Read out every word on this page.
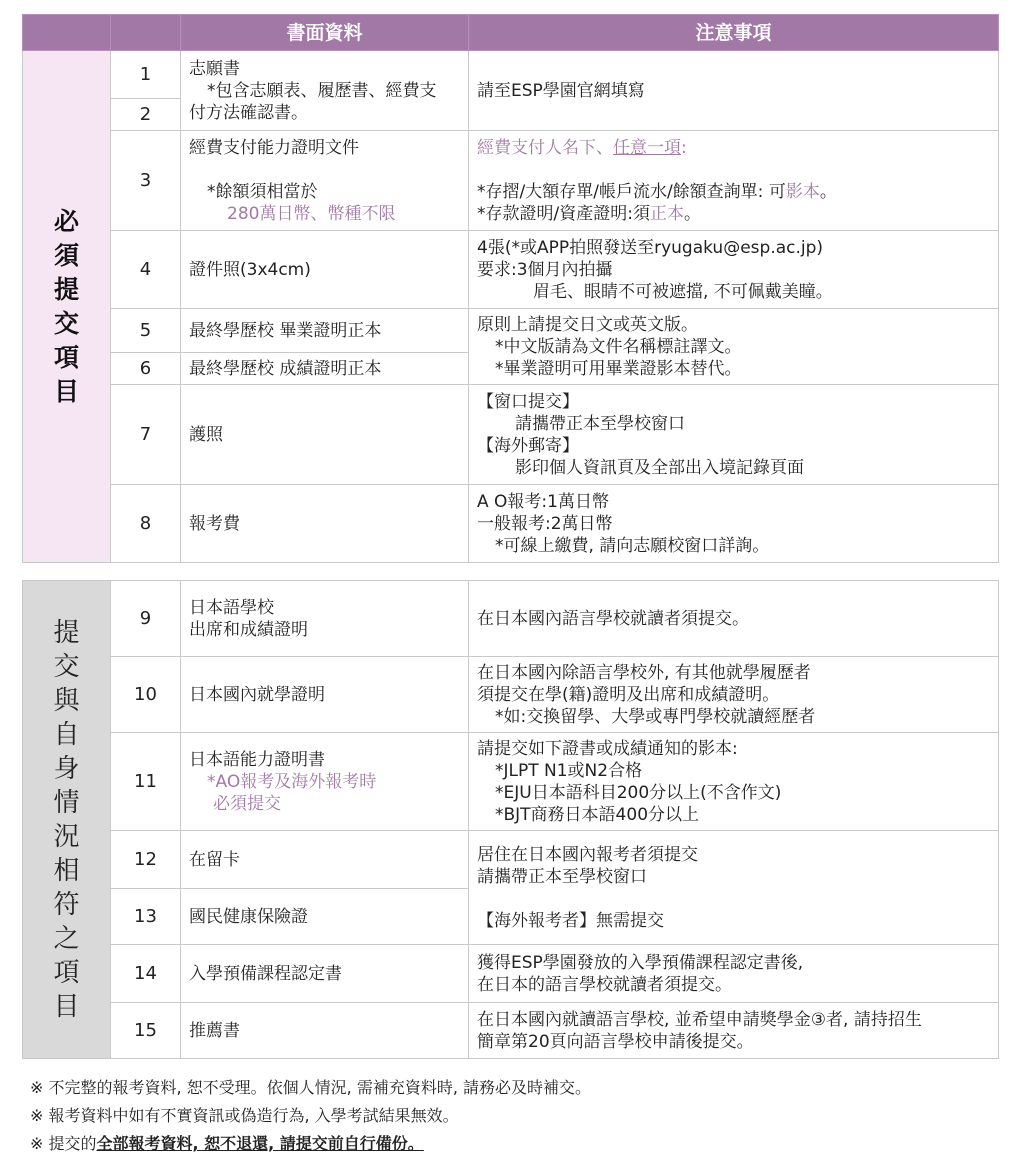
		書面資料	注意事項
必須提交項目	1	志願書
*包含志願表、履歷書、經費支
付方法確認書。	請至ESP學園官網填寫
	2		
	3	經費支付能力證明文件

*餘額須相當於
280萬日幣、幣種不限	經費支付人名下、任意一項:

*存摺/大額存單/帳戶流水/餘額查詢單: 可影本。
*存款證明/資產證明:須正本。

	4	證件照(3x4cm)	4張(*或APP拍照發送至ryugaku@esp.ac.jp)
要求:3個月內拍攝
眉毛、眼睛不可被遮擋, 不可佩戴美瞳。

	5	最終學歷校 畢業證明正本	原則上請提交日文或英文版。
*中文版請為文件名稱標註譯文。
*畢業證明可用畢業證影本替代。

	6	最終學歷校 成績證明正本	
	7	護照	【窗口提交】
請攜帶正本至學校窗口
【海外郵寄】
影印個人資訊頁及全部出入境記錄頁面

	8	報考費	A O報考:1萬日幣
一般報考:2萬日幣
*可線上繳費, 請向志願校窗口詳詢。
提交與自身情況相符之項目	9	日本語學校
出席和成績證明	在日本國內語言學校就讀者須提交。
	10	日本國內就學證明	在日本國內除語言學校外, 有其他就學履歷者
須提交在學(籍)證明及出席和成績證明。
*如:交換留學、大學或專門學校就讀經歷者

	11	日本語能力證明書
*AO報考及海外報考時
必須提交	請提交如下證書或成績通知的影本:
*JLPT N1或N2合格
*EJU日本語科目200分以上(不含作文)
*BJT商務日本語400分以上

	12	在留卡	居住在日本國內報考者須提交
請攜帶正本至學校窗口

【海外報考者】無需提交

	13	國民健康保險證	
	14	入學預備課程認定書	獲得ESP學園發放的入學預備課程認定書後,
在日本的語言學校就讀者須提交。

	15	推薦書	在日本國內就讀語言學校, 並希望申請獎學金③者, 請持招生
簡章第20頁向語言學校申請後提交。
※ 不完整的報考資料, 恕不受理。依個人情況, 需補充資料時, 請務必及時補交。
※ 報考資料中如有不實資訊或偽造行為, 入學考試結果無效。
※ 提交的全部報考資料, 恕不退還, 請提交前自行備份。
